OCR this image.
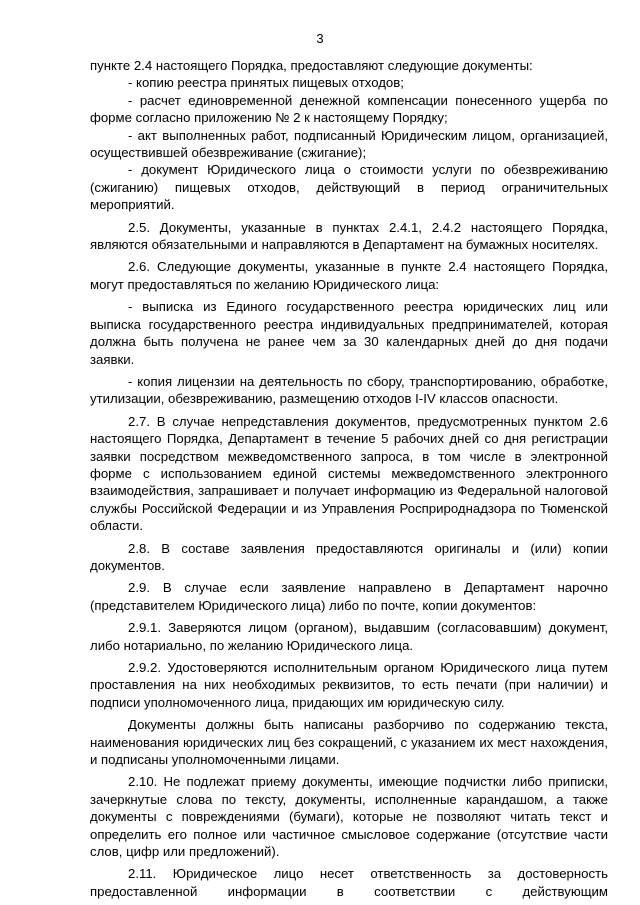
3

пункте 2.4 настоящего Порядка, предоставляют следующие документы:

- копию реестра принятых пищевых отходов;

- расчет единовременной денежной компенсации понесенного ущерба по форме согласно приложению № 2 к настоящему Порядку;

- акт выполненных работ, подписанный Юридическим лицом, организацией, осуществившей обезвреживание (сжигание);

- документ Юридического лица о стоимости услуги по обезвреживанию (сжиганию) пищевых отходов, действующий в период ограничительных мероприятий.

2.5. Документы, указанные в пунктах 2.4.1, 2.4.2 настоящего Порядка, являются обязательными и направляются в Департамент на бумажных носителях.

2.6. Следующие документы, указанные в пункте 2.4 настоящего Порядка, могут предоставляться по желанию Юридического лица:

- выписка из Единого государственного реестра юридических лиц или выписка государственного реестра индивидуальных предпринимателей, которая должна быть получена не ранее чем за 30 календарных дней до дня подачи заявки.

- копия лицензии на деятельность по сбору, транспортированию, обработке, утилизации, обезвреживанию, размещению отходов I-IV классов опасности.

2.7. В случае непредставления документов, предусмотренных пунктом 2.6 настоящего Порядка, Департамент в течение 5 рабочих дней со дня регистрации заявки посредством межведомственного запроса, в том числе в электронной форме с использованием единой системы межведомственного электронного взаимодействия, запрашивает и получает информацию из Федеральной налоговой службы Российской Федерации и из Управления Росприроднадзора по Тюменской области.

2.8. В составе заявления предоставляются оригиналы и (или) копии документов.

2.9. В случае если заявление направлено в Департамент нарочно (представителем Юридического лица) либо по почте, копии документов:

2.9.1. Заверяются лицом (органом), выдавшим (согласовавшим) документ, либо нотариально, по желанию Юридического лица.

2.9.2. Удостоверяются исполнительным органом Юридического лица путем проставления на них необходимых реквизитов, то есть печати (при наличии) и подписи уполномоченного лица, придающих им юридическую силу.

Документы должны быть написаны разборчиво по содержанию текста, наименования юридических лиц без сокращений, с указанием их мест нахождения, и подписаны уполномоченными лицами.

2.10. Не подлежат приему документы, имеющие подчистки либо приписки, зачеркнутые слова по тексту, документы, исполненные карандашом, а также документы с повреждениями (бумаги), которые не позволяют читать текст и определить его полное или частичное смысловое содержание (отсутствие части слов, цифр или предложений).

2.11. Юридическое лицо несет ответственность за достоверность предоставленной информации в соответствии с действующим
